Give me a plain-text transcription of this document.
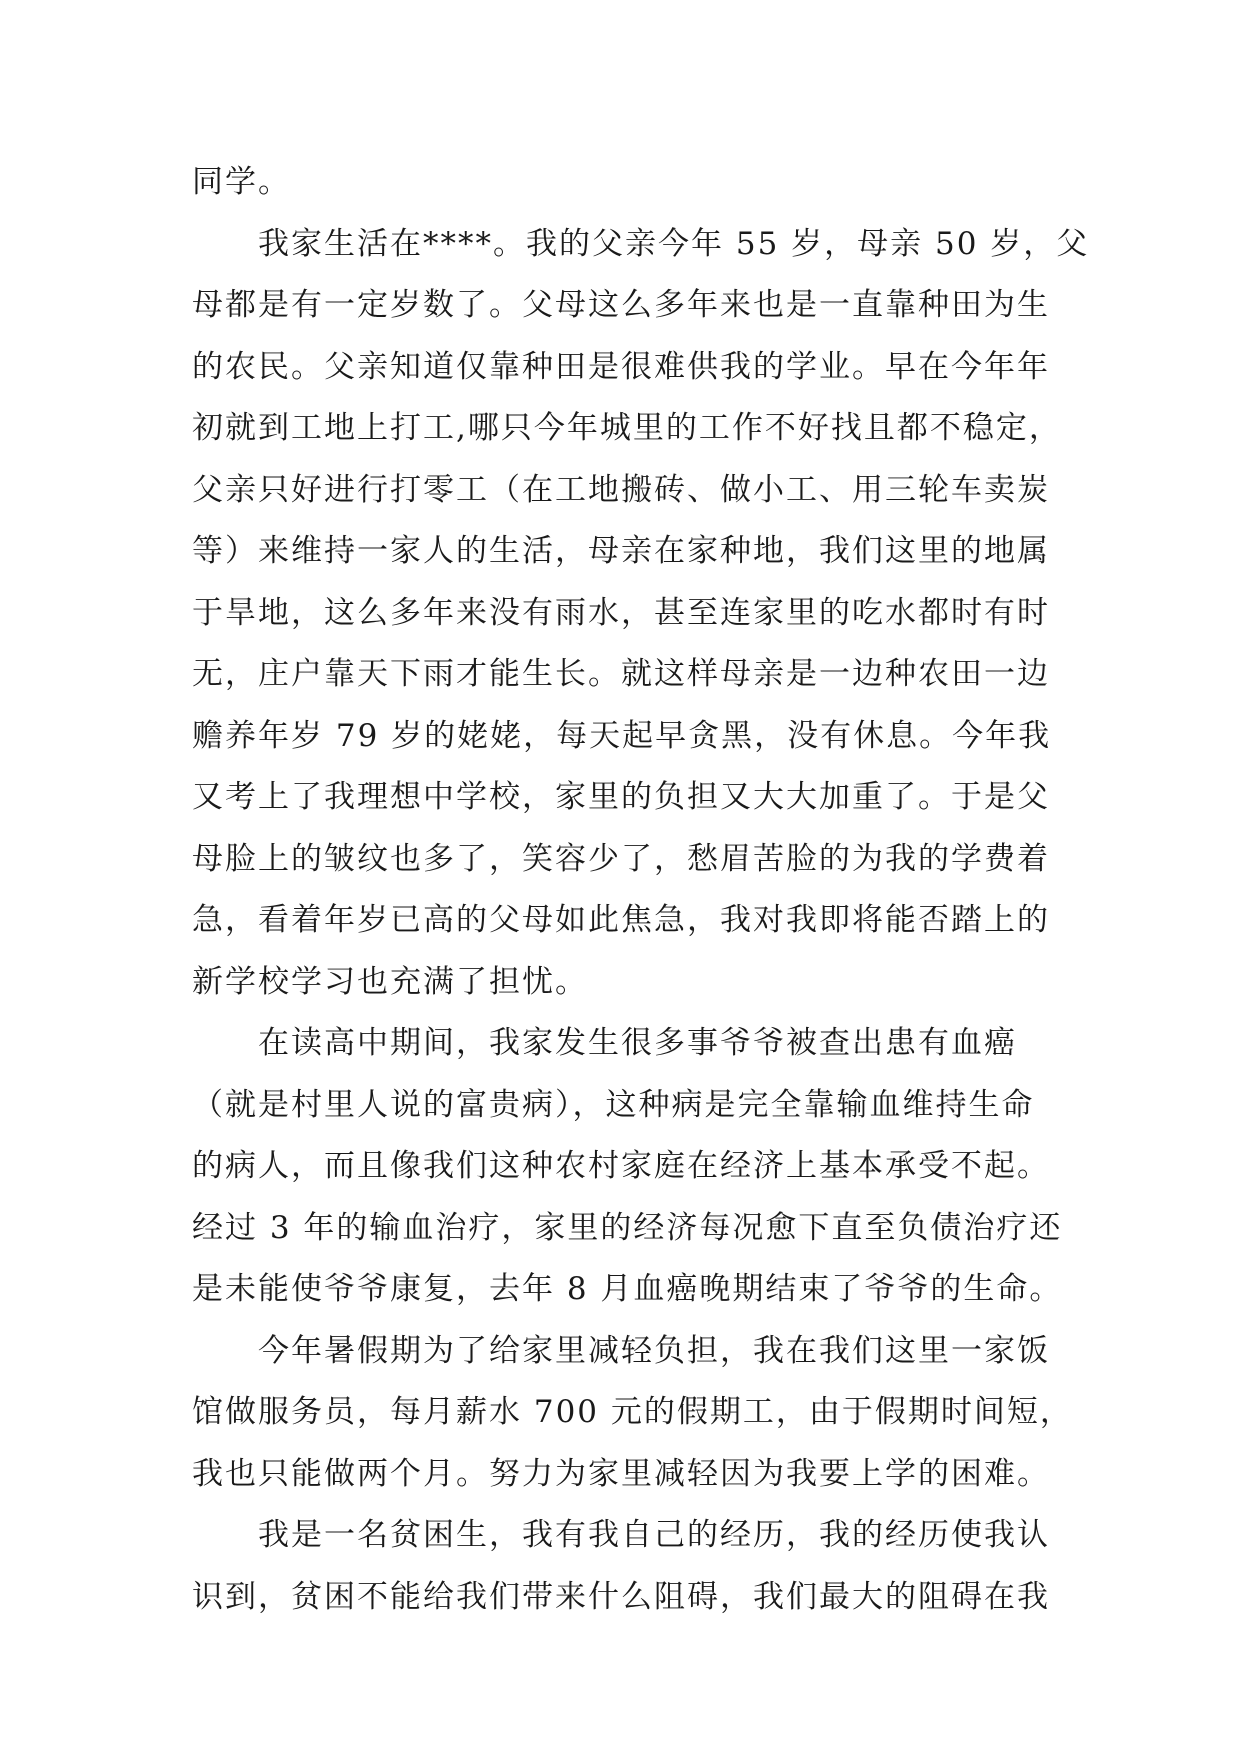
同学。
我家生活在****。我的父亲今年 55 岁，母亲 50 岁，父
母都是有一定岁数了。父母这么多年来也是一直靠种田为生
的农民。父亲知道仅靠种田是很难供我的学业。早在今年年
初就到工地上打工,哪只今年城里的工作不好找且都不稳定，
父亲只好进行打零工（在工地搬砖、做小工、用三轮车卖炭
等）来维持一家人的生活，母亲在家种地，我们这里的地属
于旱地，这么多年来没有雨水，甚至连家里的吃水都时有时
无，庄户靠天下雨才能生长。就这样母亲是一边种农田一边
赡养年岁 79 岁的姥姥，每天起早贪黑，没有休息。今年我
又考上了我理想中学校，家里的负担又大大加重了。于是父
母脸上的皱纹也多了，笑容少了，愁眉苦脸的为我的学费着
急，看着年岁已高的父母如此焦急，我对我即将能否踏上的
新学校学习也充满了担忧。
在读高中期间，我家发生很多事爷爷被查出患有血癌
（就是村里人说的富贵病），这种病是完全靠输血维持生命
的病人，而且像我们这种农村家庭在经济上基本承受不起。
经过 3 年的输血治疗，家里的经济每况愈下直至负债治疗还
是未能使爷爷康复，去年 8 月血癌晚期结束了爷爷的生命。
今年暑假期为了给家里减轻负担，我在我们这里一家饭
馆做服务员，每月薪水 700 元的假期工，由于假期时间短，
我也只能做两个月。努力为家里减轻因为我要上学的困难。
我是一名贫困生，我有我自己的经历，我的经历使我认
识到，贫困不能给我们带来什么阻碍，我们最大的阻碍在我
